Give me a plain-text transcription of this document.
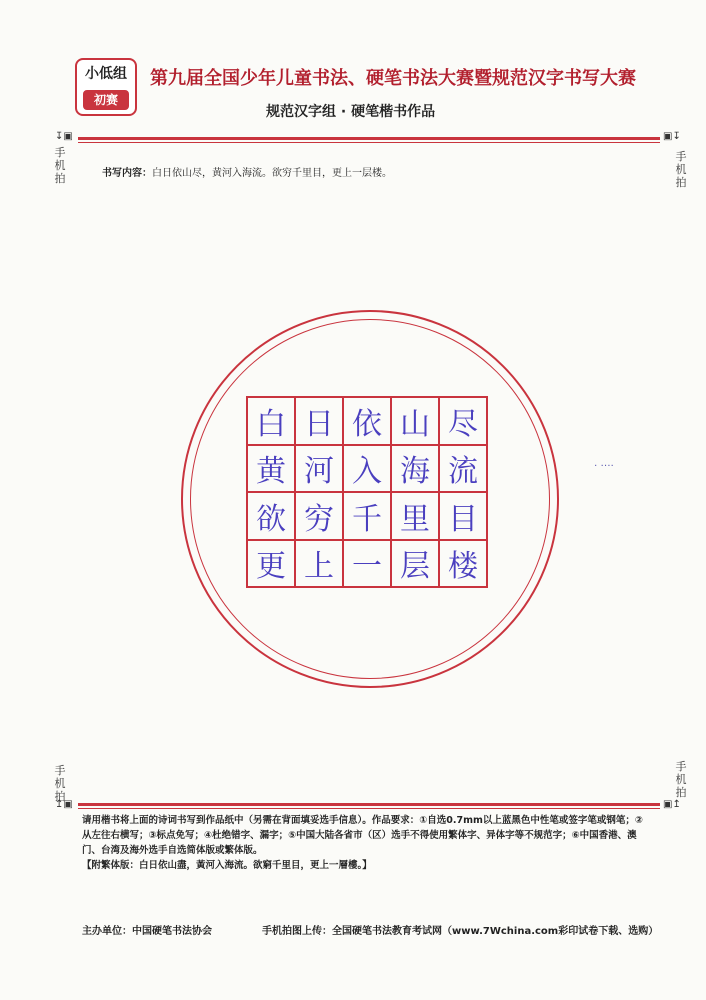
小低组
初赛
第九届全国少年儿童书法、硬笔书法大赛暨规范汉字书写大赛
规范汉字组 · 硬笔楷书作品
↧▣	▣↧
手机拍
手机拍
书写内容：白日依山尽，黄河入海流。欲穷千里目，更上一层楼。
白 日 依 山 尽
黄 河 入 海 流
欲 穷 千 里 目
更 上 一 层 楼
․ ․․․․
手机拍
手机拍
↥▣	▣↥

请用楷书将上面的诗词书写到作品纸中（另需在背面填妥选手信息）。作品要求：①自选0.7mm以上蓝黑色中性笔或签字笔或钢笔；②从左往右横写；③标点免写；④杜绝错字、漏字；⑤中国大陆各省市（区）选手不得使用繁体字、异体字等不规范字；⑥中国香港、澳门、台湾及海外选手自选简体版或繁体版。

【附繁体版：白日依山盡，黃河入海流。欲窮千里目，更上一層樓。】

主办单位：中国硬笔书法协会	手机拍图上传：全国硬笔书法教育考试网（www.7Wchina.com彩印试卷下载、选购）
